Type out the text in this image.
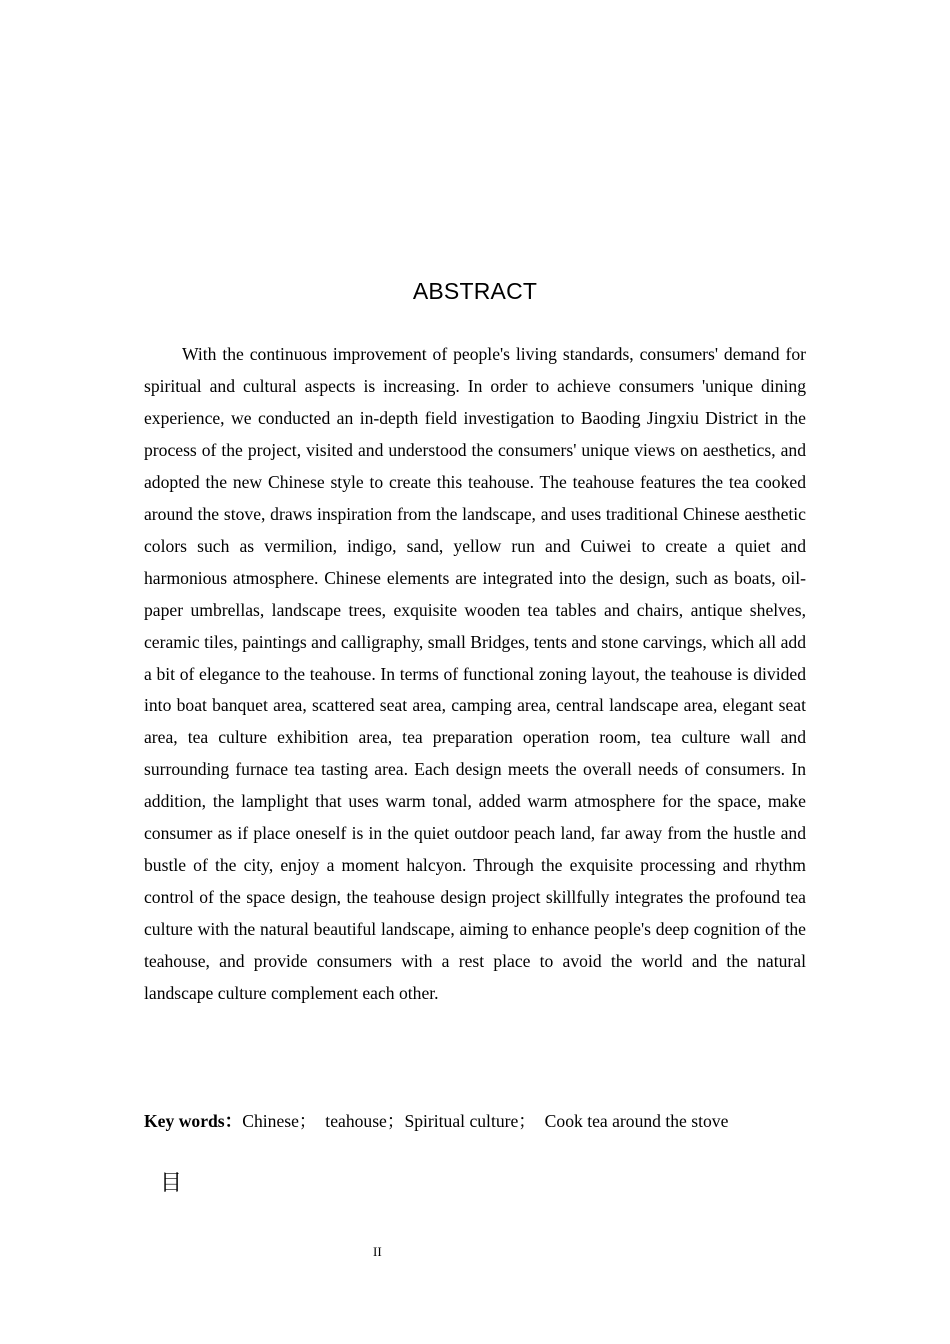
ABSTRACT

With the continuous improvement of people's living standards, consumers' demand for spiritual and cultural aspects is increasing. In order to achieve consumers 'unique dining experience, we conducted an in-depth field investigation to Baoding Jingxiu District in the process of the project, visited and understood the consumers' unique views on aesthetics, and adopted the new Chinese style to create this teahouse. The teahouse features the tea cooked around the stove, draws inspiration from the landscape, and uses traditional Chinese aesthetic colors such as vermilion, indigo, sand, yellow run and Cuiwei to create a quiet and harmonious atmosphere. Chinese elements are integrated into the design, such as boats, oil-paper umbrellas, landscape trees, exquisite wooden tea tables and chairs, antique shelves, ceramic tiles, paintings and calligraphy, small Bridges, tents and stone carvings, which all add a bit of elegance to the teahouse. In terms of functional zoning layout, the teahouse is divided into boat banquet area, scattered seat area, camping area, central landscape area, elegant seat area, tea culture exhibition area, tea preparation operation room, tea culture wall and surrounding furnace tea tasting area. Each design meets the overall needs of consumers. In addition, the lamplight that uses warm tonal, added warm atmosphere for the space, make consumer as if place oneself is in the quiet outdoor peach land, far away from the hustle and bustle of the city, enjoy a moment halcyon. Through the exquisite processing and rhythm control of the space design, the teahouse design project skillfully integrates the profound tea culture with the natural beautiful landscape, aiming to enhance people's deep cognition of the teahouse, and provide consumers with a rest place to avoid the world and the natural landscape culture complement each other.

Key words：Chinese；  teahouse；Spiritual culture；  Cook tea around the stove
目
II
